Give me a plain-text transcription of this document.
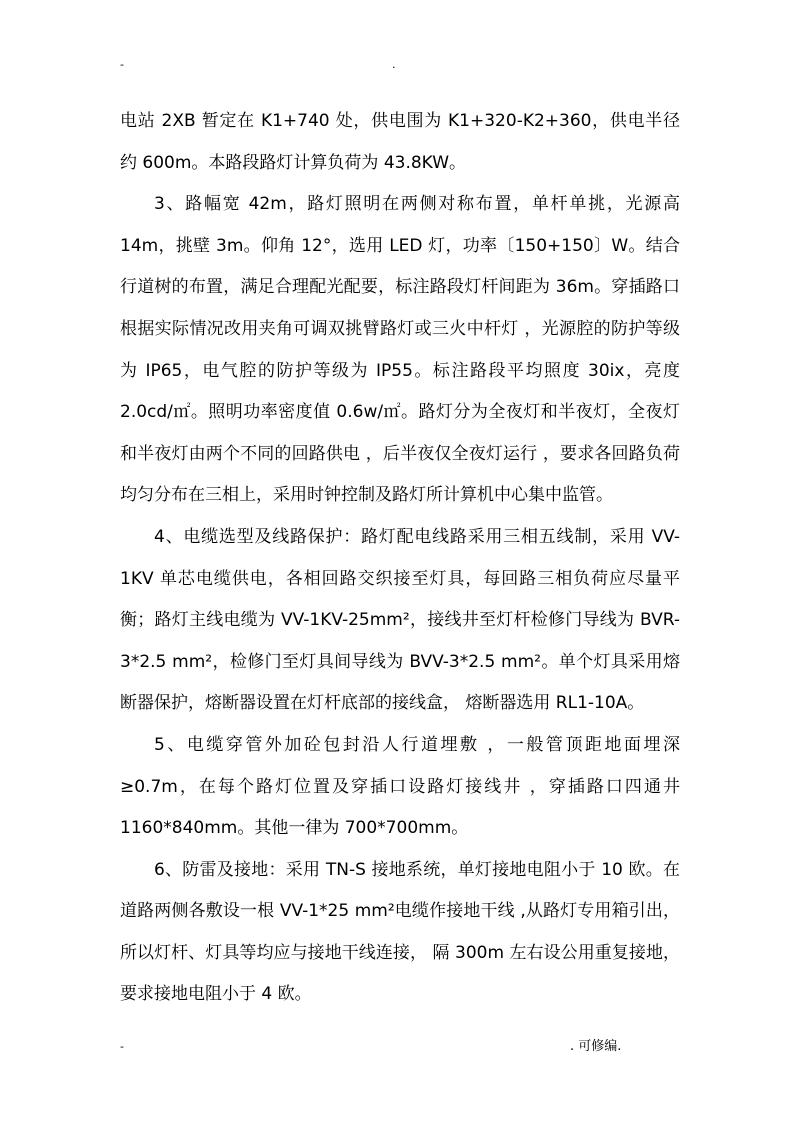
-	.

电站 2XB 暂定在 K1+740 处，供电围为 K1+320-K2+360，供电半径约 600m。本路段路灯计算负荷为 43.8KW。

3、路幅宽 42m，路灯照明在两侧对称布置，单杆单挑，光源高 14m，挑壁 3m。仰角 12°，选用 LED 灯，功率〔150+150〕W。结合行道树的布置，满足合理配光配要，标注路段灯杆间距为 36m。穿插路口根据实际情况改用夹角可调双挑臂路灯或三火中杆灯 ，光源腔的防护等级为 IP65，电气腔的防护等级为 IP55。标注路段平均照度 30ix，亮度 2.0cd/㎡。照明功率密度值 0.6w/㎡。路灯分为全夜灯和半夜灯，全夜灯和半夜灯由两个不同的回路供电 ，后半夜仅全夜灯运行 ，要求各回路负荷均匀分布在三相上，采用时钟控制及路灯所计算机中心集中监管。

4、电缆选型及线路保护：路灯配电线路采用三相五线制，采用 VV-1KV 单芯电缆供电，各相回路交织接至灯具，每回路三相负荷应尽量平衡；路灯主线电缆为 VV-1KV-25mm²，接线井至灯杆检修门导线为 BVR-3*2.5 mm²，检修门至灯具间导线为 BVV-3*2.5 mm²。单个灯具采用熔断器保护，熔断器设置在灯杆底部的接线盒， 熔断器选用 RL1-10A。

5、电缆穿管外加砼包封沿人行道埋敷 ，一般管顶距地面埋深≥0.7m，在每个路灯位置及穿插口设路灯接线井 ，穿插路口四通井 1160*840mm。其他一律为 700*700mm。

6、防雷及接地：采用 TN-S 接地系统，单灯接地电阻小于 10 欧。在道路两侧各敷设一根 VV-1*25 mm²电缆作接地干线 ,从路灯专用箱引出，所以灯杆、灯具等均应与接地干线连接， 隔 300m 左右设公用重复接地，要求接地电阻小于 4 欧。

-	. 可修编.
